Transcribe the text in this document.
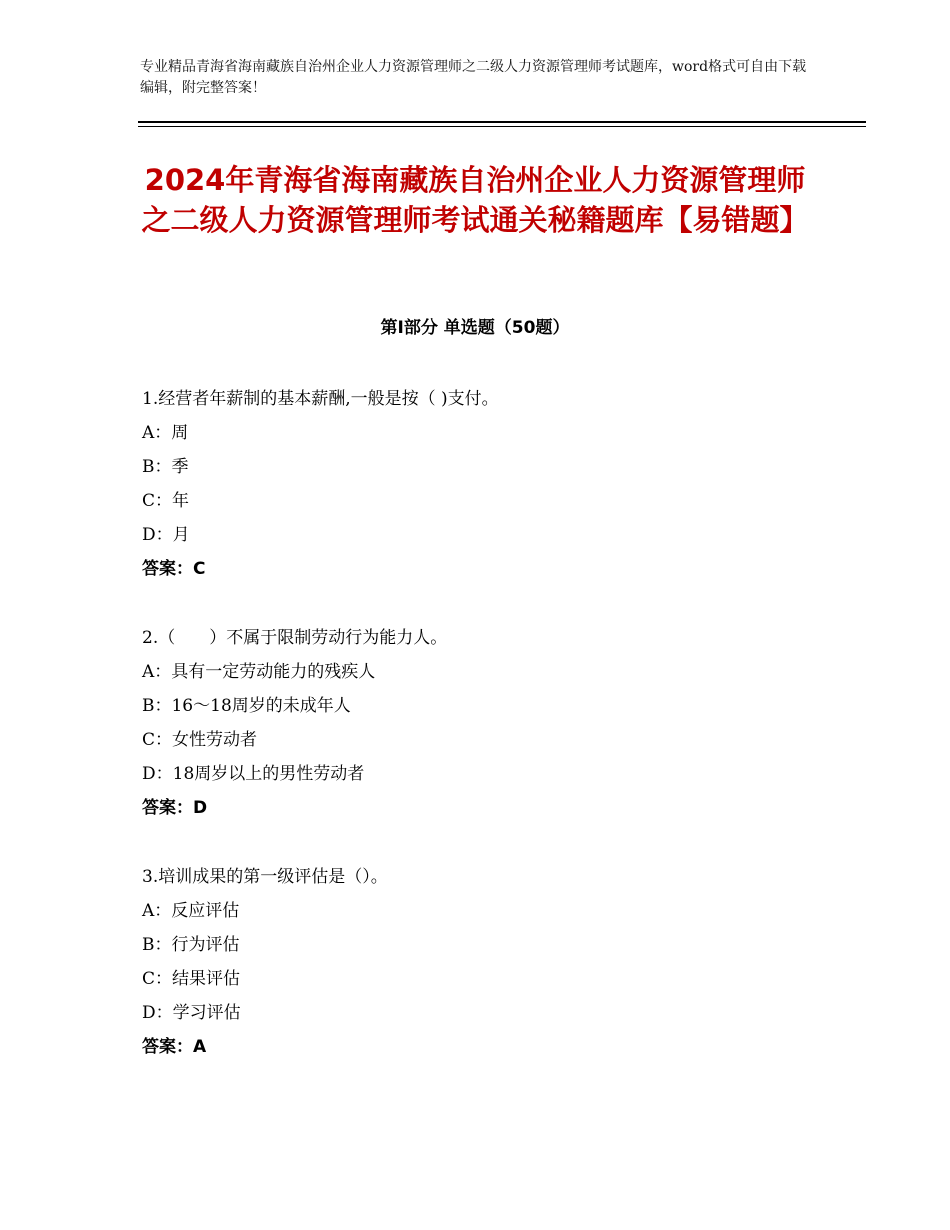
专业精品青海省海南藏族自治州企业人力资源管理师之二级人力资源管理师考试题库，word格式可自由下载编辑，附完整答案！
2024年青海省海南藏族自治州企业人力资源管理师之二级人力资源管理师考试通关秘籍题库【易错题】
第Ⅰ部分 单选题（50题）
1.经营者年薪制的基本薪酬,一般是按（ )支付。
A：周
B：季
C：年
D：月
答案：C
2.（　　）不属于限制劳动行为能力人。
A：具有一定劳动能力的残疾人
B：16～18周岁的未成年人
C：女性劳动者
D：18周岁以上的男性劳动者
答案：D
3.培训成果的第一级评估是（）。
A：反应评估
B：行为评估
C：结果评估
D：学习评估
答案：A
